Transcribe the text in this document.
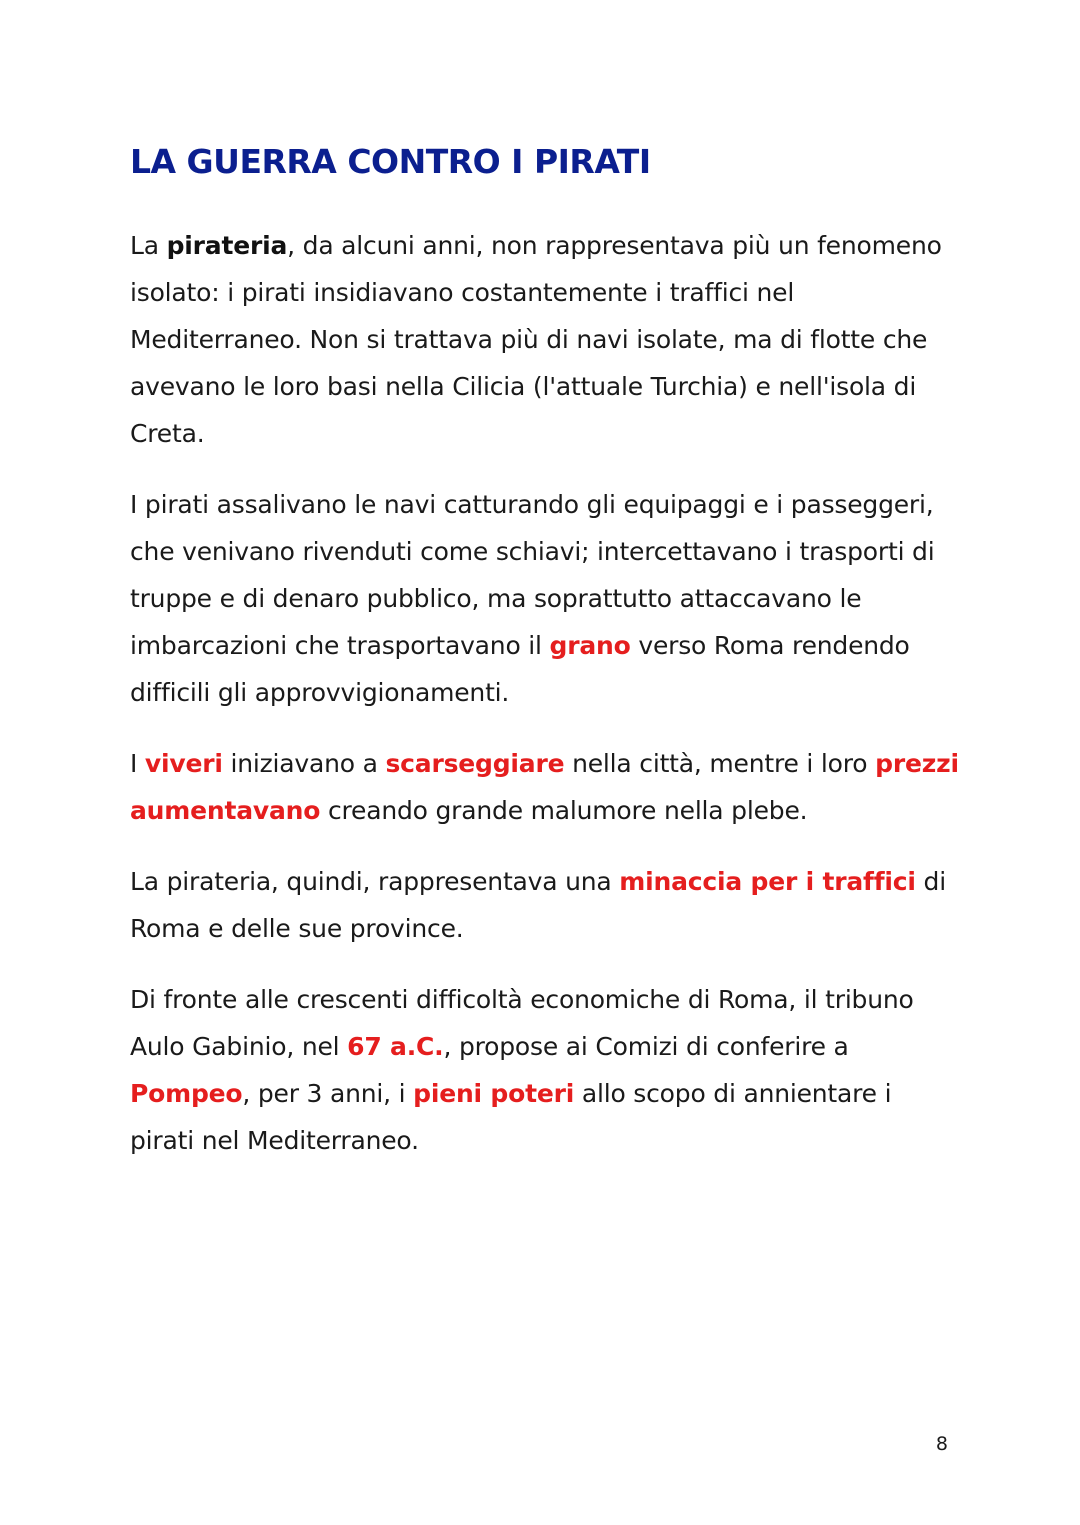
LA GUERRA CONTRO I PIRATI

La pirateria, da alcuni anni, non rappresentava più un fenomeno isolato: i pirati insidiavano costantemente i traffici nel Mediterraneo. Non si trattava più di navi isolate, ma di flotte che avevano le loro basi nella Cilicia (l'attuale Turchia) e nell'isola di Creta.

I pirati assalivano le navi catturando gli equipaggi e i passeggeri, che venivano rivenduti come schiavi; intercettavano i trasporti di truppe e di denaro pubblico, ma soprattutto attaccavano le imbarcazioni che trasportavano il grano verso Roma rendendo difficili gli approvvigionamenti.

I viveri iniziavano a scarseggiare nella città, mentre i loro prezzi aumentavano creando grande malumore nella plebe.

La pirateria, quindi, rappresentava una minaccia per i traffici di Roma e delle sue province.

Di fronte alle crescenti difficoltà economiche di Roma, il tribuno Aulo Gabinio, nel 67 a.C., propose ai Comizi di conferire a Pompeo, per 3 anni, i pieni poteri allo scopo di annientare i pirati nel Mediterraneo.

8
